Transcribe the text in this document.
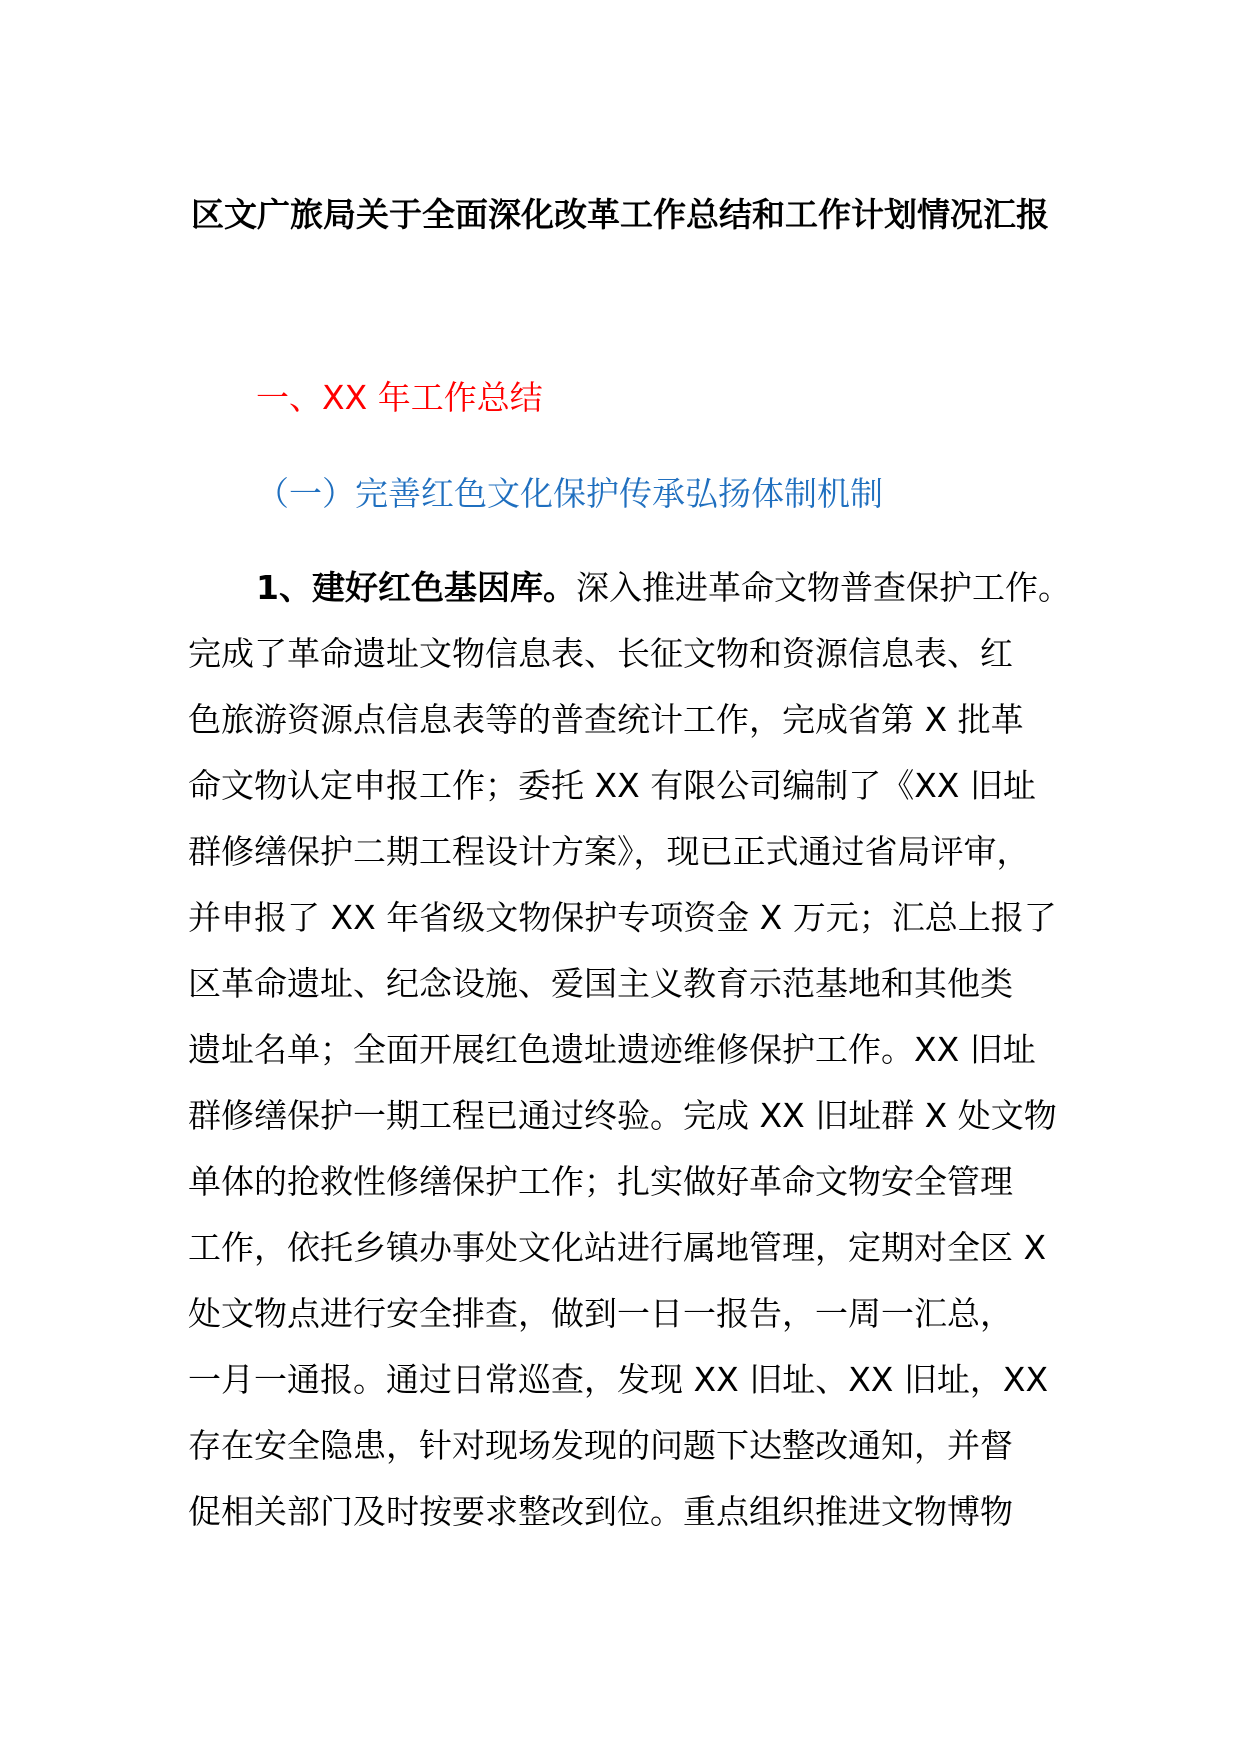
区文广旅局关于全面深化改革工作总结和工作计划情况汇报
一、XX 年工作总结
（一）完善红色文化保护传承弘扬体制机制
1、建好红色基因库。深入推进革命文物普查保护工作。
完成了革命遗址文物信息表、长征文物和资源信息表、红
色旅游资源点信息表等的普查统计工作，完成省第 X 批革
命文物认定申报工作；委托 XX 有限公司编制了《XX 旧址
群修缮保护二期工程设计方案》，现已正式通过省局评审，
并申报了 XX 年省级文物保护专项资金 X 万元；汇总上报了
区革命遗址、纪念设施、爱国主义教育示范基地和其他类
遗址名单；全面开展红色遗址遗迹维修保护工作。XX 旧址
群修缮保护一期工程已通过终验。完成 XX 旧址群 X 处文物
单体的抢救性修缮保护工作；扎实做好革命文物安全管理
工作，依托乡镇办事处文化站进行属地管理，定期对全区 X
处文物点进行安全排查，做到一日一报告，一周一汇总，
一月一通报。通过日常巡查，发现 XX 旧址、XX 旧址，XX
存在安全隐患，针对现场发现的问题下达整改通知，并督
促相关部门及时按要求整改到位。重点组织推进文物博物
